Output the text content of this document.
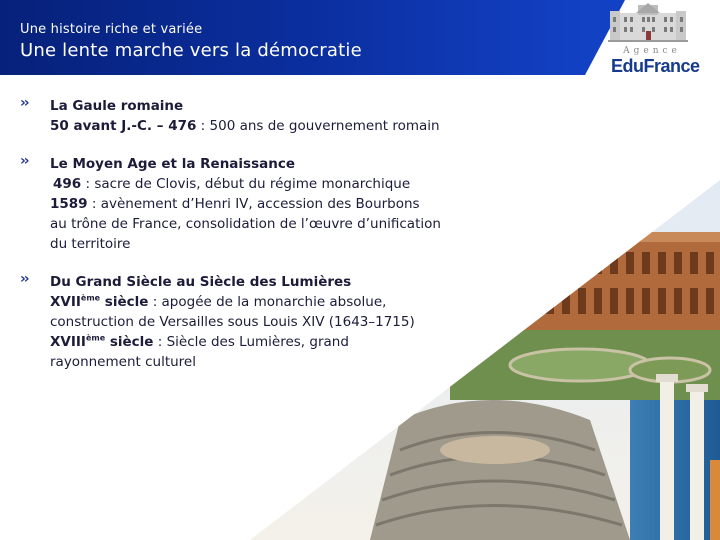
Une histoire riche et variée
Une lente marche vers la démocratie	Agence
EduFrance
›› La Gaule romaine
50 avant J.-C. – 476 : 500 ans de gouvernement romain
›› Le Moyen Age et la Renaissance
496 : sacre de Clovis, début du régime monarchique
1589 : avènement d’Henri IV, accession des Bourbons
au trône de France, consolidation de l’œuvre d’unification
du territoire
›› Du Grand Siècle au Siècle des Lumières
XVIIème siècle : apogée de la monarchie absolue,
construction de Versailles sous Louis XIV (1643–1715)
XVIIIème siècle : Siècle des Lumières, grand
rayonnement culturel
